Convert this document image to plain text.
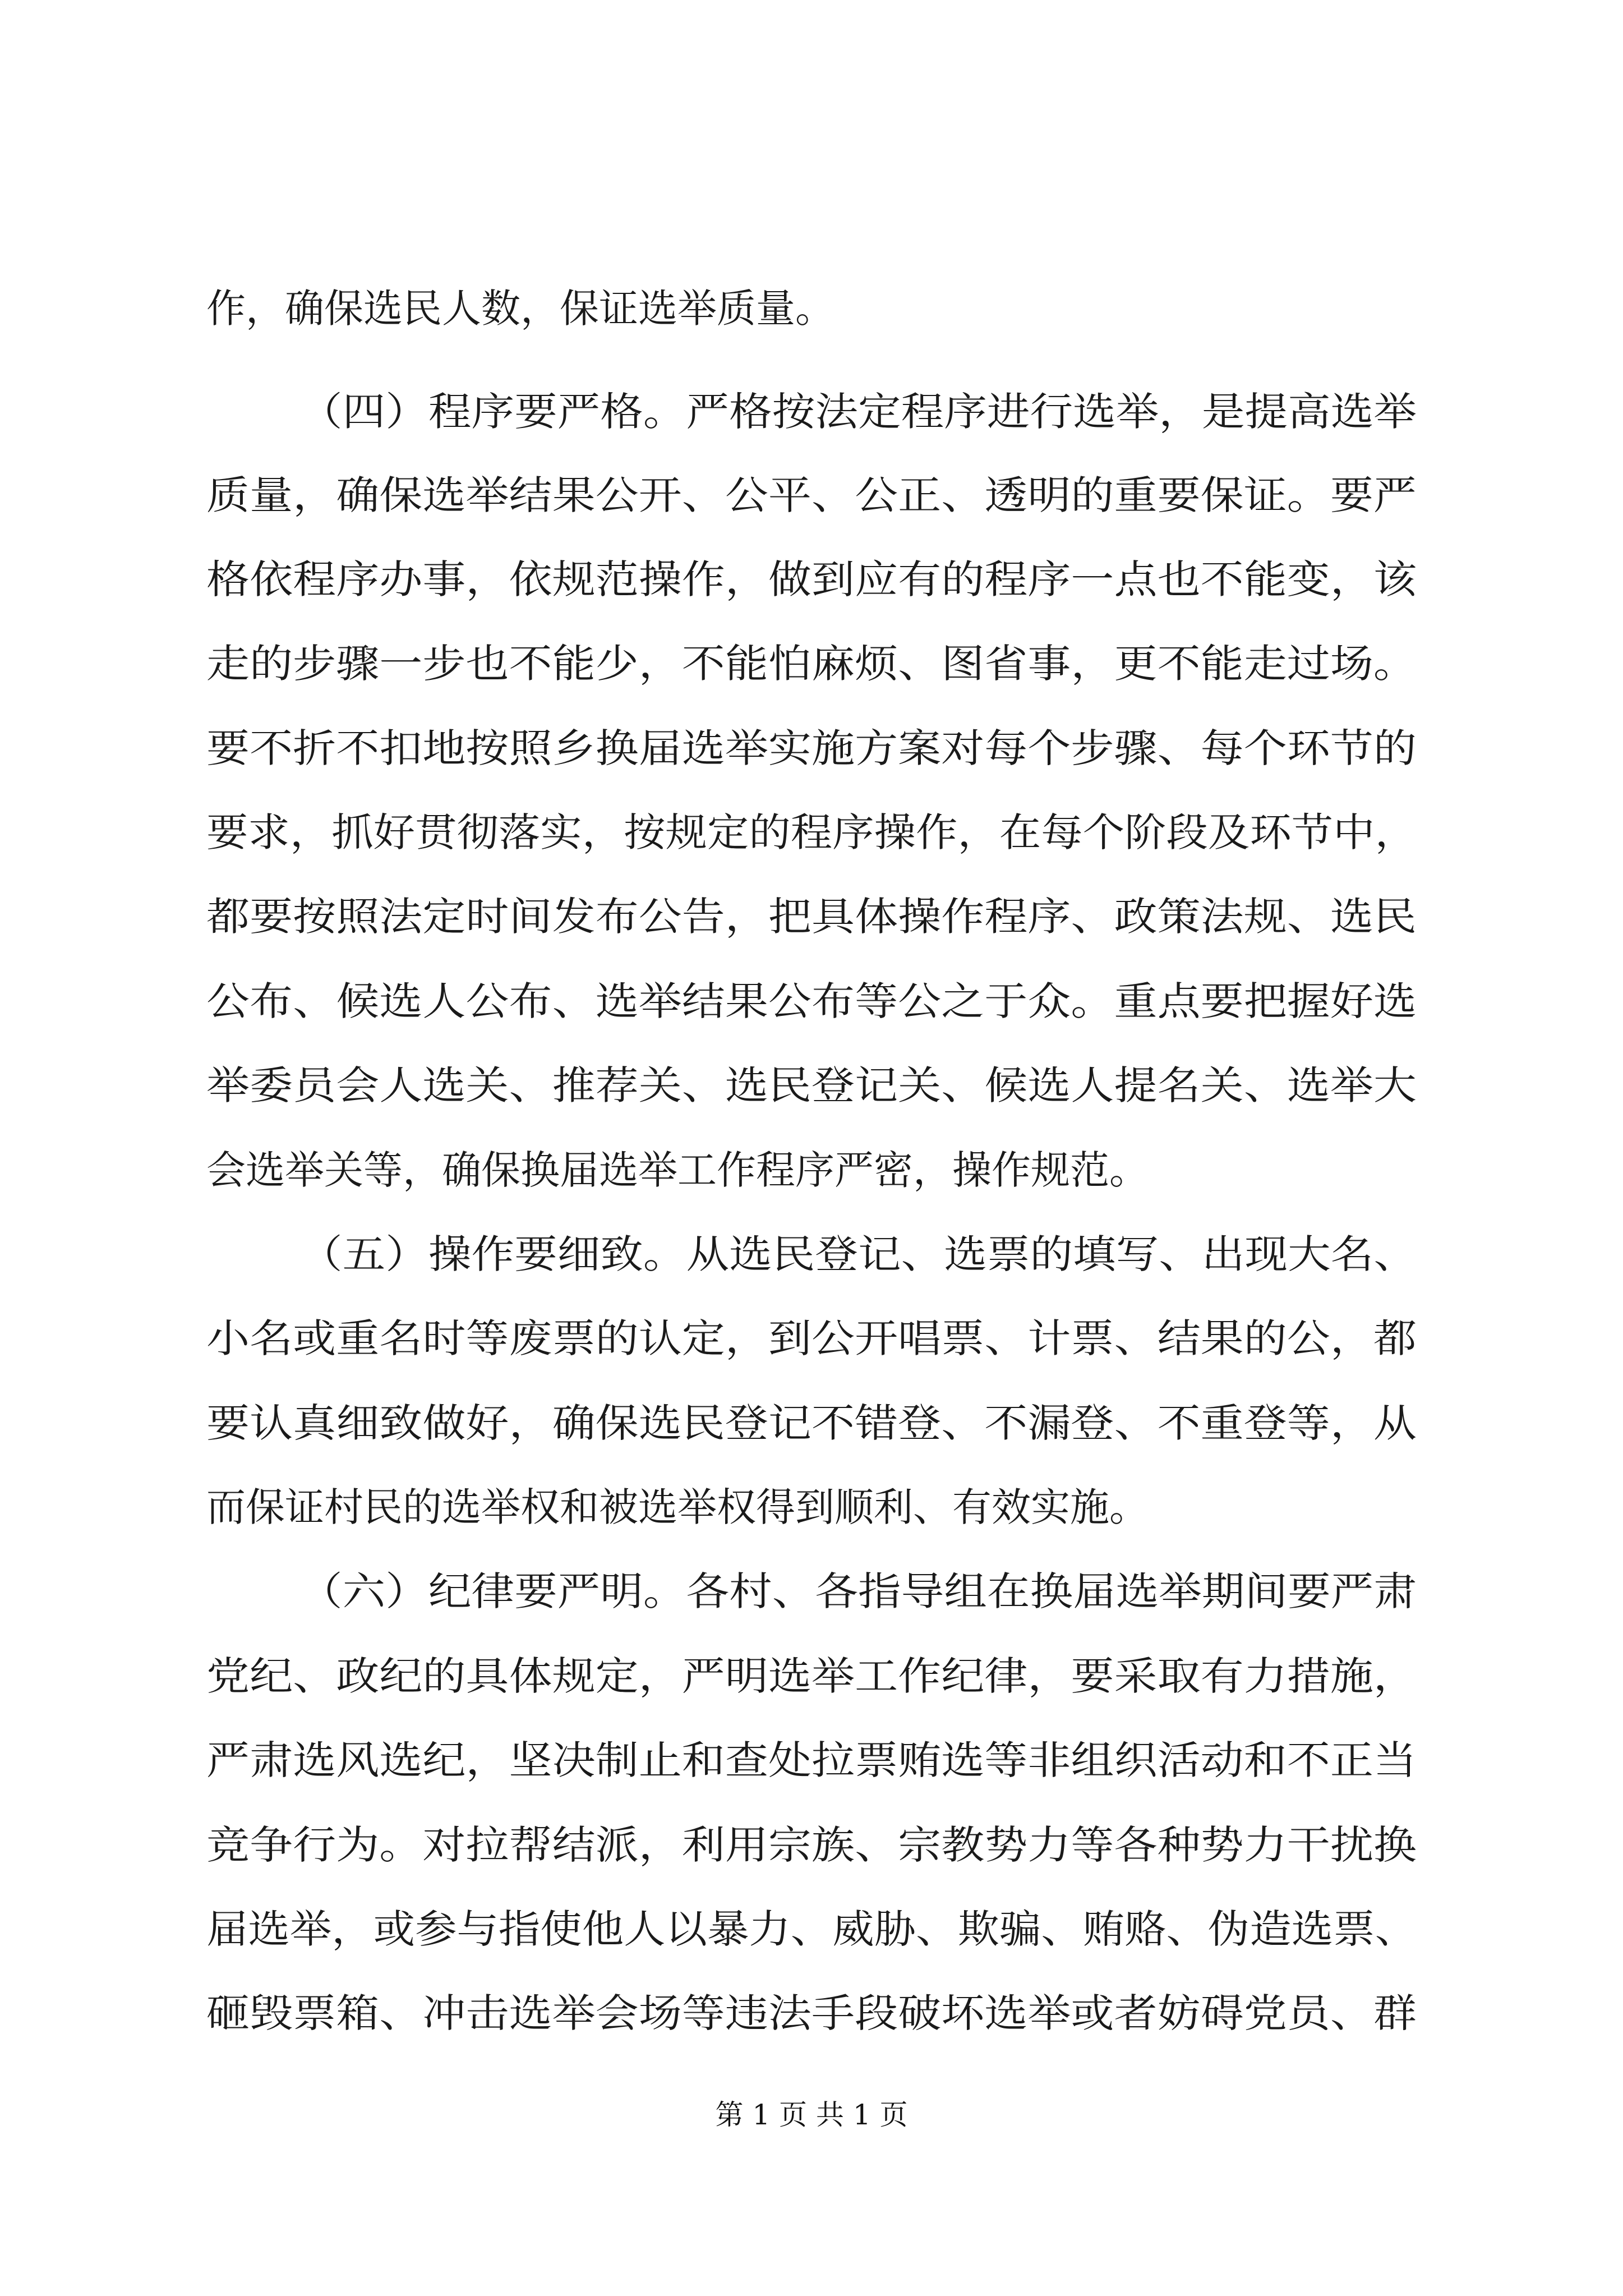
作，确保选民人数，保证选举质量。
（四）程序要严格。严格按法定程序进行选举，是提高选举
质量，确保选举结果公开、公平、公正、透明的重要保证。要严
格依程序办事，依规范操作，做到应有的程序一点也不能变，该
走的步骤一步也不能少，不能怕麻烦、图省事，更不能走过场。
要不折不扣地按照乡换届选举实施方案对每个步骤、每个环节的
要求，抓好贯彻落实，按规定的程序操作，在每个阶段及环节中，
都要按照法定时间发布公告，把具体操作程序、政策法规、选民
公布、候选人公布、选举结果公布等公之于众。重点要把握好选
举委员会人选关、推荐关、选民登记关、候选人提名关、选举大
会选举关等，确保换届选举工作程序严密，操作规范。
（五）操作要细致。从选民登记、选票的填写、出现大名、
小名或重名时等废票的认定，到公开唱票、计票、结果的公，都
要认真细致做好，确保选民登记不错登、不漏登、不重登等，从
而保证村民的选举权和被选举权得到顺利、有效实施。
（六）纪律要严明。各村、各指导组在换届选举期间要严肃
党纪、政纪的具体规定，严明选举工作纪律，要采取有力措施，
严肃选风选纪，坚决制止和查处拉票贿选等非组织活动和不正当
竞争行为。对拉帮结派，利用宗族、宗教势力等各种势力干扰换
届选举，或参与指使他人以暴力、威胁、欺骗、贿赂、伪造选票、
砸毁票箱、冲击选举会场等违法手段破坏选举或者妨碍党员、群
第 1 页 共 1 页
